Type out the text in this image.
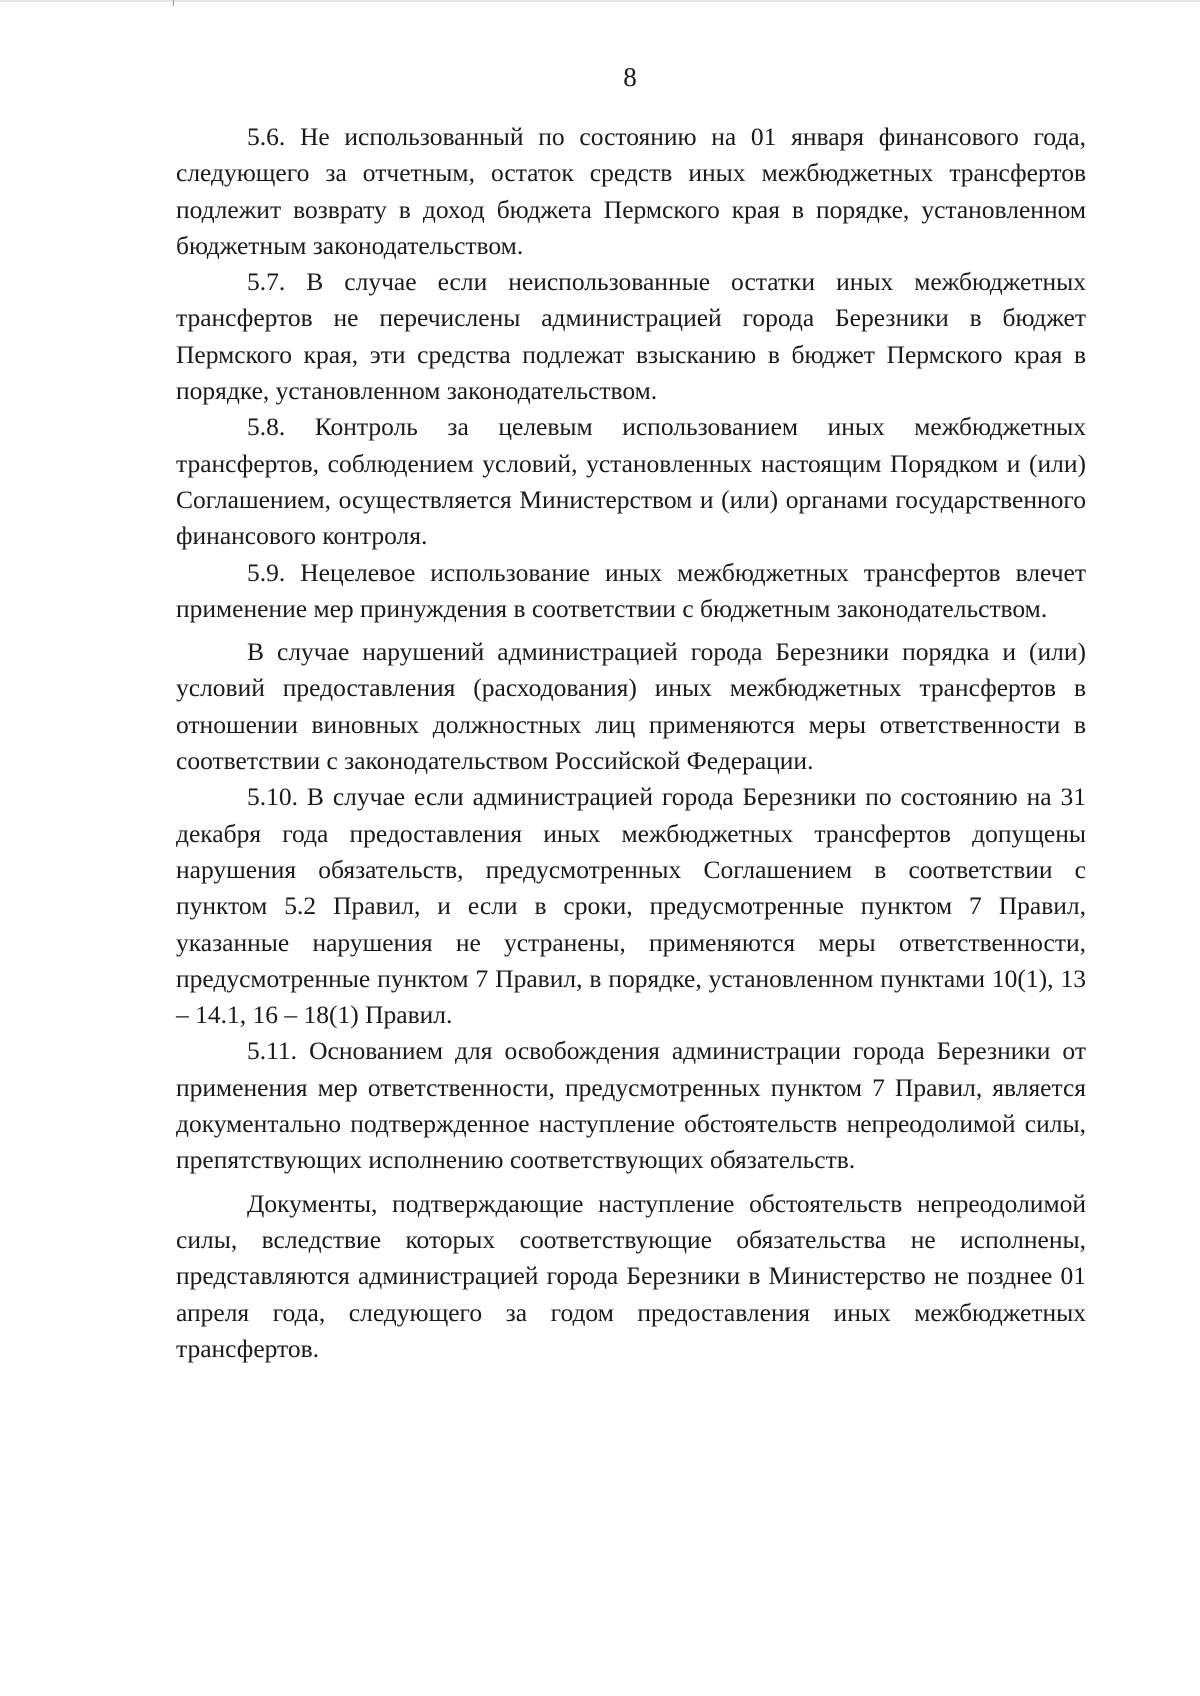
8

5.6. Не использованный по состоянию на 01 января финансового года, следующего за отчетным, остаток средств иных межбюджетных трансфертов подлежит возврату в доход бюджета Пермского края в порядке, установленном бюджетным законодательством.

5.7. В случае если неиспользованные остатки иных межбюджетных трансфертов не перечислены администрацией города Березники в бюджет Пермского края, эти средства подлежат взысканию в бюджет Пермского края в порядке, установленном законодательством.

5.8. Контроль за целевым использованием иных межбюджетных трансфертов, соблюдением условий, установленных настоящим Порядком и (или) Соглашением, осуществляется Министерством и (или) органами государственного финансового контроля.

5.9. Нецелевое использование иных межбюджетных трансфертов влечет применение мер принуждения в соответствии с бюджетным законодательством.

В случае нарушений администрацией города Березники порядка и (или) условий предоставления (расходования) иных межбюджетных трансфертов в отношении виновных должностных лиц применяются меры ответственности в соответствии с законодательством Российской Федерации.

5.10. В случае если администрацией города Березники по состоянию на 31 декабря года предоставления иных межбюджетных трансфертов допущены нарушения обязательств, предусмотренных Соглашением в соответствии с пунктом 5.2 Правил, и если в сроки, предусмотренные пунктом 7 Правил, указанные нарушения не устранены, применяются меры ответственности, предусмотренные пунктом 7 Правил, в порядке, установленном пунктами 10(1), 13 – 14.1, 16 – 18(1) Правил.

5.11. Основанием для освобождения администрации города Березники от применения мер ответственности, предусмотренных пунктом 7 Правил, является документально подтвержденное наступление обстоятельств непреодолимой силы, препятствующих исполнению соответствующих обязательств.

Документы, подтверждающие наступление обстоятельств непреодолимой силы, вследствие которых соответствующие обязательства не исполнены, представляются администрацией города Березники в Министерство не позднее 01 апреля года, следующего за годом предоставления иных межбюджетных трансфертов.
